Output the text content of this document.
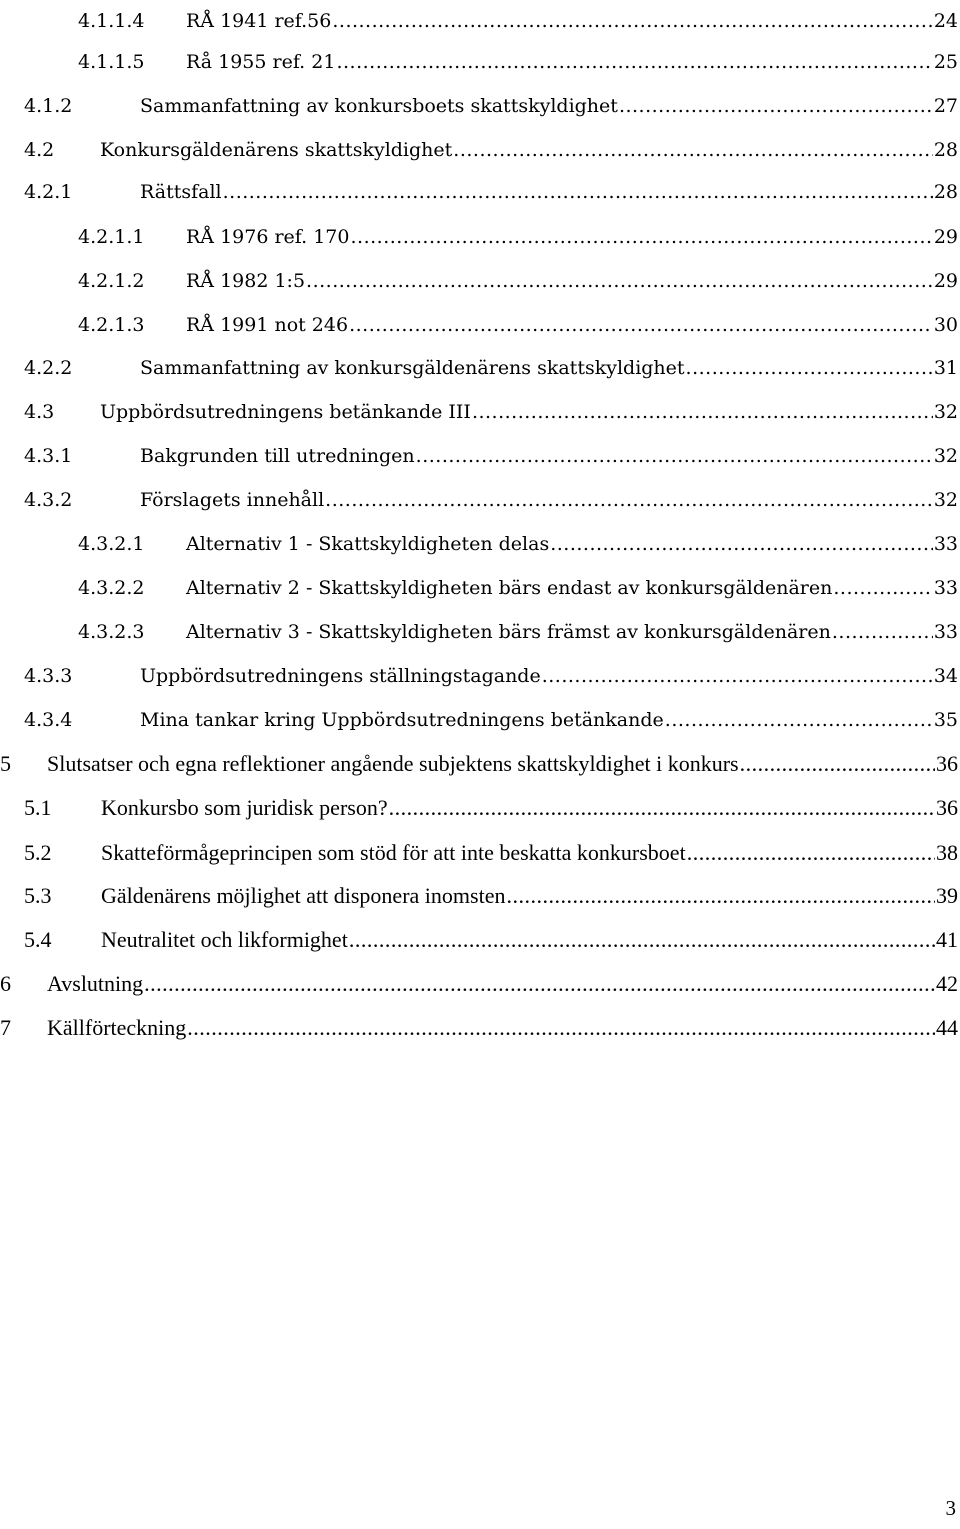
4.1.1.4	RÅ 1941 ref.56 .....	24
4.1.1.5	Rå 1955 ref. 21 .....	25
4.1.2	Sammanfattning av konkursboets skattskyldighet .....	27
4.2	Konkursgäldenärens skattskyldighet .....	28
4.2.1	Rättsfall .....	28
4.2.1.1	RÅ 1976 ref. 170 .....	29
4.2.1.2	RÅ 1982 1:5 .....	29
4.2.1.3	RÅ 1991 not 246 .....	30
4.2.2	Sammanfattning av konkursgäldenärens skattskyldighet .....	31
4.3	Uppbördsutredningens betänkande III .....	32
4.3.1	Bakgrunden till utredningen .....	32
4.3.2	Förslagets innehåll .....	32
4.3.2.1	Alternativ 1 - Skattskyldigheten delas .....	33
4.3.2.2	Alternativ 2 - Skattskyldigheten bärs endast av konkursgäldenären .....	33
4.3.2.3	Alternativ 3 - Skattskyldigheten bärs främst av konkursgäldenären .....	33
4.3.3	Uppbördsutredningens ställningstagande .....	34
4.3.4	Mina tankar kring Uppbördsutredningens betänkande .....	35
5	Slutsatser och egna reflektioner angående subjektens skattskyldighet i konkurs .....	36
5.1	Konkursbo som juridisk person? .....	36
5.2	Skatteförmågeprincipen som stöd för att inte beskatta konkursboet .....	38
5.3	Gäldenärens möjlighet att disponera inomsten .....	39
5.4	Neutralitet och likformighet .....	41
6	Avslutning .....	42
7	Källförteckning .....	44
3
